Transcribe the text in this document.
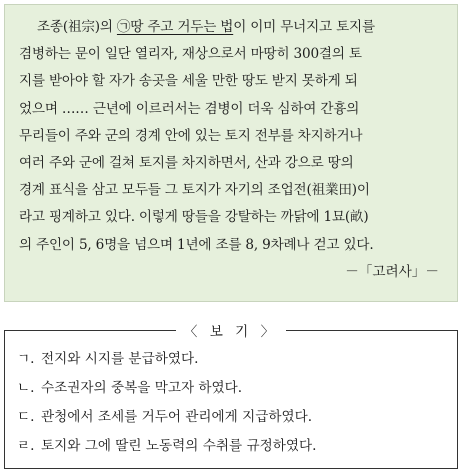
조종(祖宗)의 ㉠땅 주고 거두는 법이 이미 무너지고 토지를
겸병하는 문이 일단 열리자, 재상으로서 마땅히 300결의 토
지를 받아야 할 자가 송곳을 세울 만한 땅도 받지 못하게 되
었으며 …… 근년에 이르러서는 겸병이 더욱 심하여 간흉의
무리들이 주와 군의 경계 안에 있는 토지 전부를 차지하거나
여러 주와 군에 걸쳐 토지를 차지하면서, 산과 강으로 땅의
경계 표식을 삼고 모두들 그 토지가 자기의 조업전(祖業田)이
라고 핑계하고 있다. 이렇게 땅들을 강탈하는 까닭에 1묘(畝)
의 주인이 5, 6명을 넘으며 1년에 조를 8, 9차례나 걷고 있다.
－「고려사」－
〈 보 기 〉
ㄱ. 전지와 시지를 분급하였다.
ㄴ. 수조권자의 중복을 막고자 하였다.
ㄷ. 관청에서 조세를 거두어 관리에게 지급하였다.
ㄹ. 토지와 그에 딸린 노동력의 수취를 규정하였다.
